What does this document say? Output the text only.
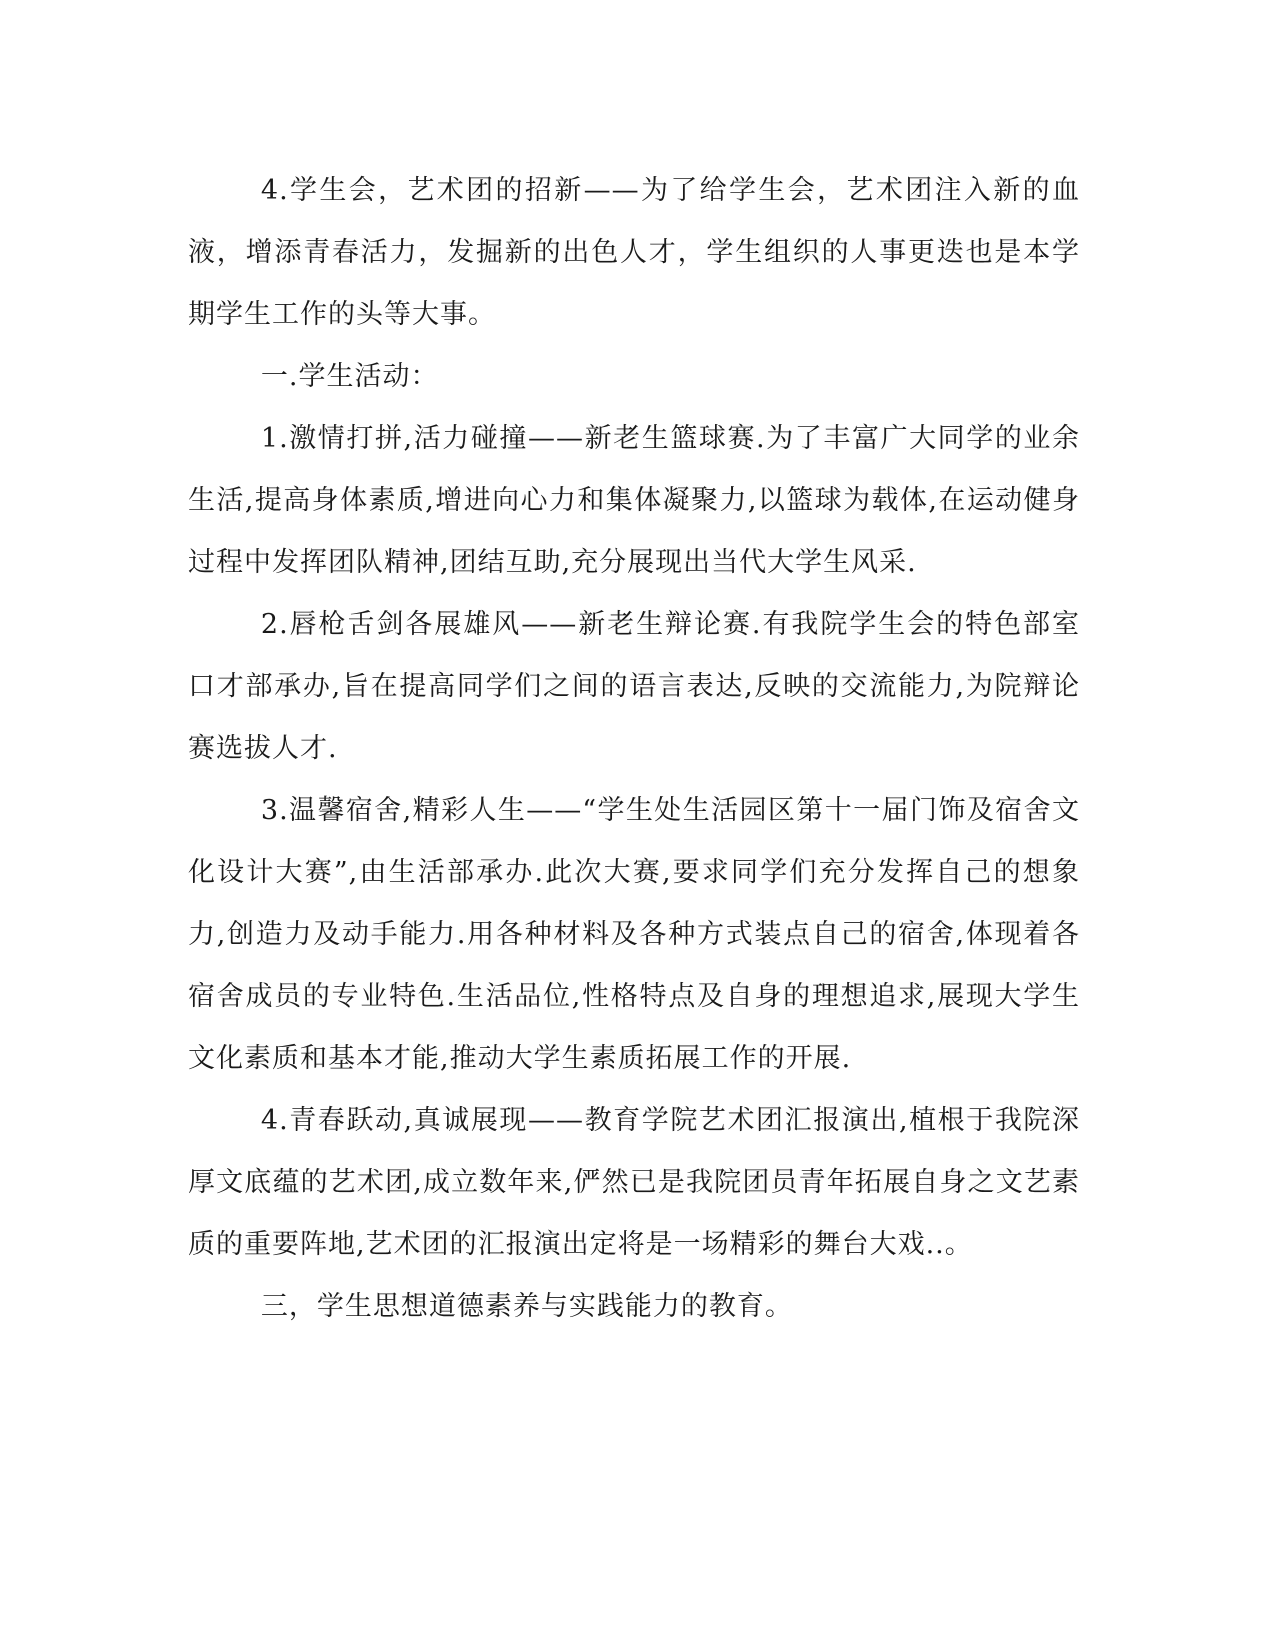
4.学生会，艺术团的招新——为了给学生会，艺术团注入新的血液，增添青春活力，发掘新的出色人才，学生组织的人事更迭也是本学期学生工作的头等大事。

一.学生活动：

1.激情打拼,活力碰撞——新老生篮球赛.为了丰富广大同学的业余生活,提高身体素质,增进向心力和集体凝聚力,以篮球为载体,在运动健身过程中发挥团队精神,团结互助,充分展现出当代大学生风采.

2.唇枪舌剑各展雄风——新老生辩论赛.有我院学生会的特色部室口才部承办,旨在提高同学们之间的语言表达,反映的交流能力,为院辩论赛选拔人才.

3.温馨宿舍,精彩人生——“学生处生活园区第十一届门饰及宿舍文化设计大赛”,由生活部承办.此次大赛,要求同学们充分发挥自己的想象力,创造力及动手能力.用各种材料及各种方式装点自己的宿舍,体现着各宿舍成员的专业特色.生活品位,性格特点及自身的理想追求,展现大学生文化素质和基本才能,推动大学生素质拓展工作的开展.

4.青春跃动,真诚展现——教育学院艺术团汇报演出,植根于我院深厚文底蕴的艺术团,成立数年来,俨然已是我院团员青年拓展自身之文艺素质的重要阵地,艺术团的汇报演出定将是一场精彩的舞台大戏..。

三，学生思想道德素养与实践能力的教育。
